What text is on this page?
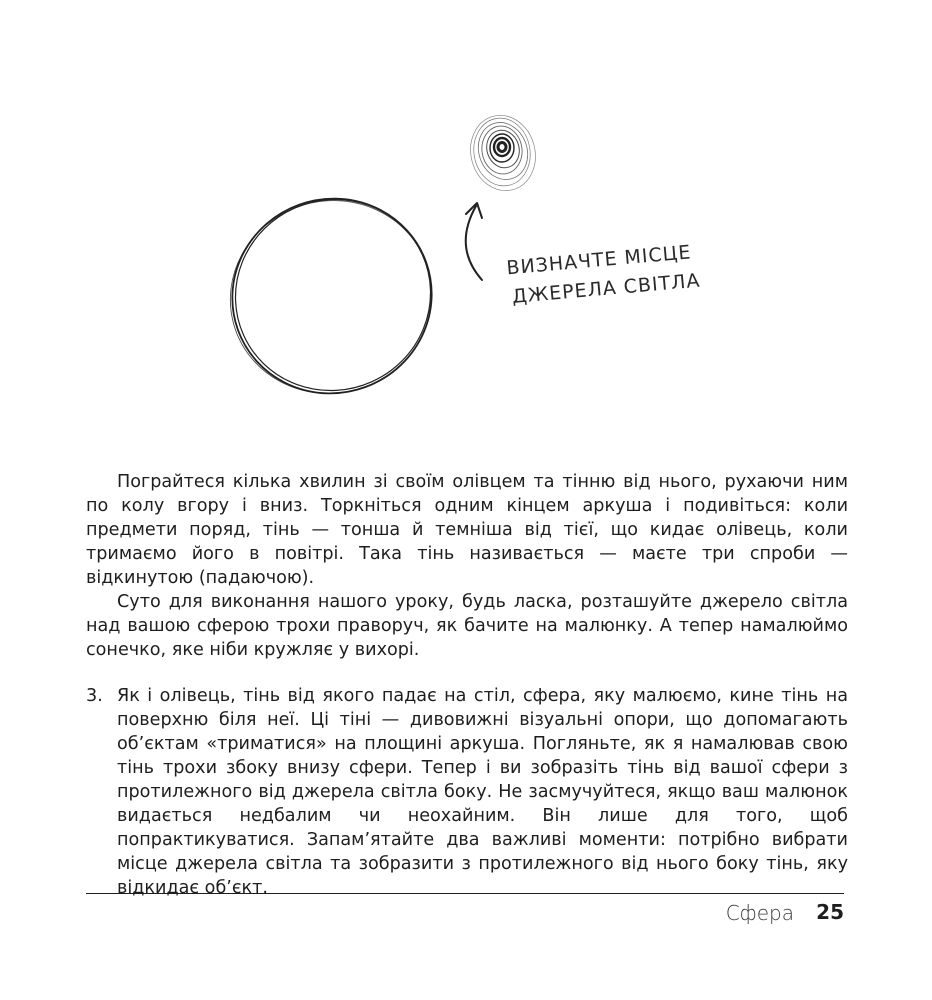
ВИЗНАЧТЕ МІСЦЕ
ДЖЕРЕЛА СВІТЛА

Пограйтеся кілька хвилин зі своїм олівцем та тінню від нього, рухаючи ним по колу вгору і вниз. Торкніться одним кінцем аркуша і подивіться: коли предмети поряд, тінь — тонша й темніша від тієї, що кидає олівець, коли тримаємо його в повітрі. Така тінь називається — маєте три спроби — відкинутою (падаючою).

Суто для виконання нашого уроку, будь ласка, розташуйте джерело світла над вашою сферою трохи праворуч, як бачите на малюнку. А тепер намалюймо сонечко, яке ніби кружляє у вихорі.

3. Як і олівець, тінь від якого падає на стіл, сфера, яку малюємо, кине тінь на поверхню біля неї. Ці тіні — дивовижні візуальні опори, що допомагають об’єктам «триматися» на площині аркуша. Погляньте, як я намалював свою тінь трохи збоку внизу сфери. Тепер і ви зобразіть тінь від вашої сфери з протилежного від джерела світла боку. Не засмучуйтеся, якщо ваш малюнок видається недбалим чи неохайним. Він лише для того, щоб попрактикуватися. Запам’ятайте два важливі моменти: потрібно вибрати місце джерела світла та зобразити з протилежного від нього боку тінь, яку відкидає об’єкт.

Сфера 25
